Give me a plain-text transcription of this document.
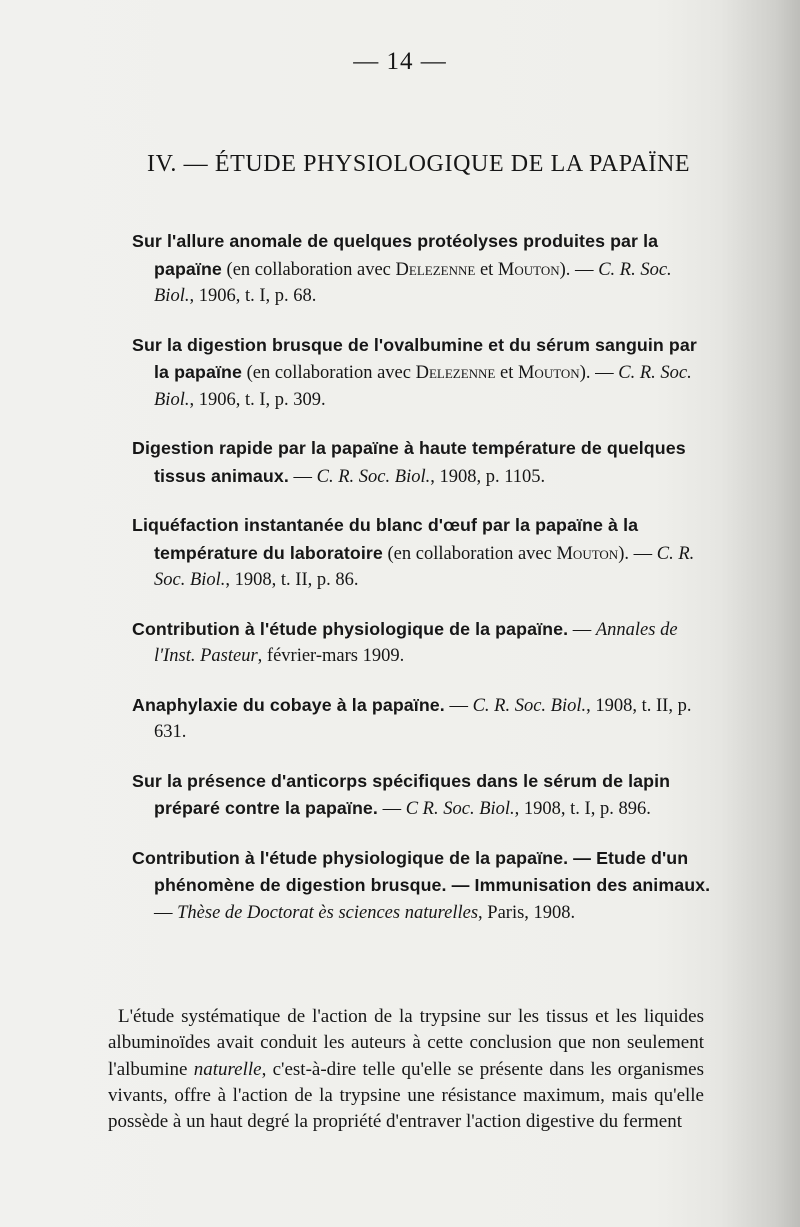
— 14 —
IV. — ÉTUDE PHYSIOLOGIQUE DE LA PAPAÏNE

Sur l'allure anomale de quelques protéolyses produites par la papaïne (en collaboration avec Delezenne et Mouton). — C. R. Soc. Biol., 1906, t. I, p. 68.

Sur la digestion brusque de l'ovalbumine et du sérum sanguin par la papaïne (en collaboration avec Delezenne et Mouton). — C. R. Soc. Biol., 1906, t. I, p. 309.

Digestion rapide par la papaïne à haute température de quelques tissus animaux. — C. R. Soc. Biol., 1908, p. 1105.

Liquéfaction instantanée du blanc d'œuf par la papaïne à la température du laboratoire (en collaboration avec Mouton). — C. R. Soc. Biol., 1908, t. II, p. 86.

Contribution à l'étude physiologique de la papaïne. — Annales de l'Inst. Pasteur, février-mars 1909.

Anaphylaxie du cobaye à la papaïne. — C. R. Soc. Biol., 1908, t. II, p. 631.

Sur la présence d'anticorps spécifiques dans le sérum de lapin préparé contre la papaïne. — C R. Soc. Biol., 1908, t. I, p. 896.

Contribution à l'étude physiologique de la papaïne. — Etude d'un phénomène de digestion brusque. — Immunisation des animaux. — Thèse de Doctorat ès sciences naturelles, Paris, 1908.

L'étude systématique de l'action de la trypsine sur les tissus et les liquides albuminoïdes avait conduit les auteurs à cette conclusion que non seulement l'albumine naturelle, c'est-à-dire telle qu'elle se présente dans les organismes vivants, offre à l'action de la trypsine une résistance maximum, mais qu'elle possède à un haut degré la propriété d'entraver l'action digestive du ferment
